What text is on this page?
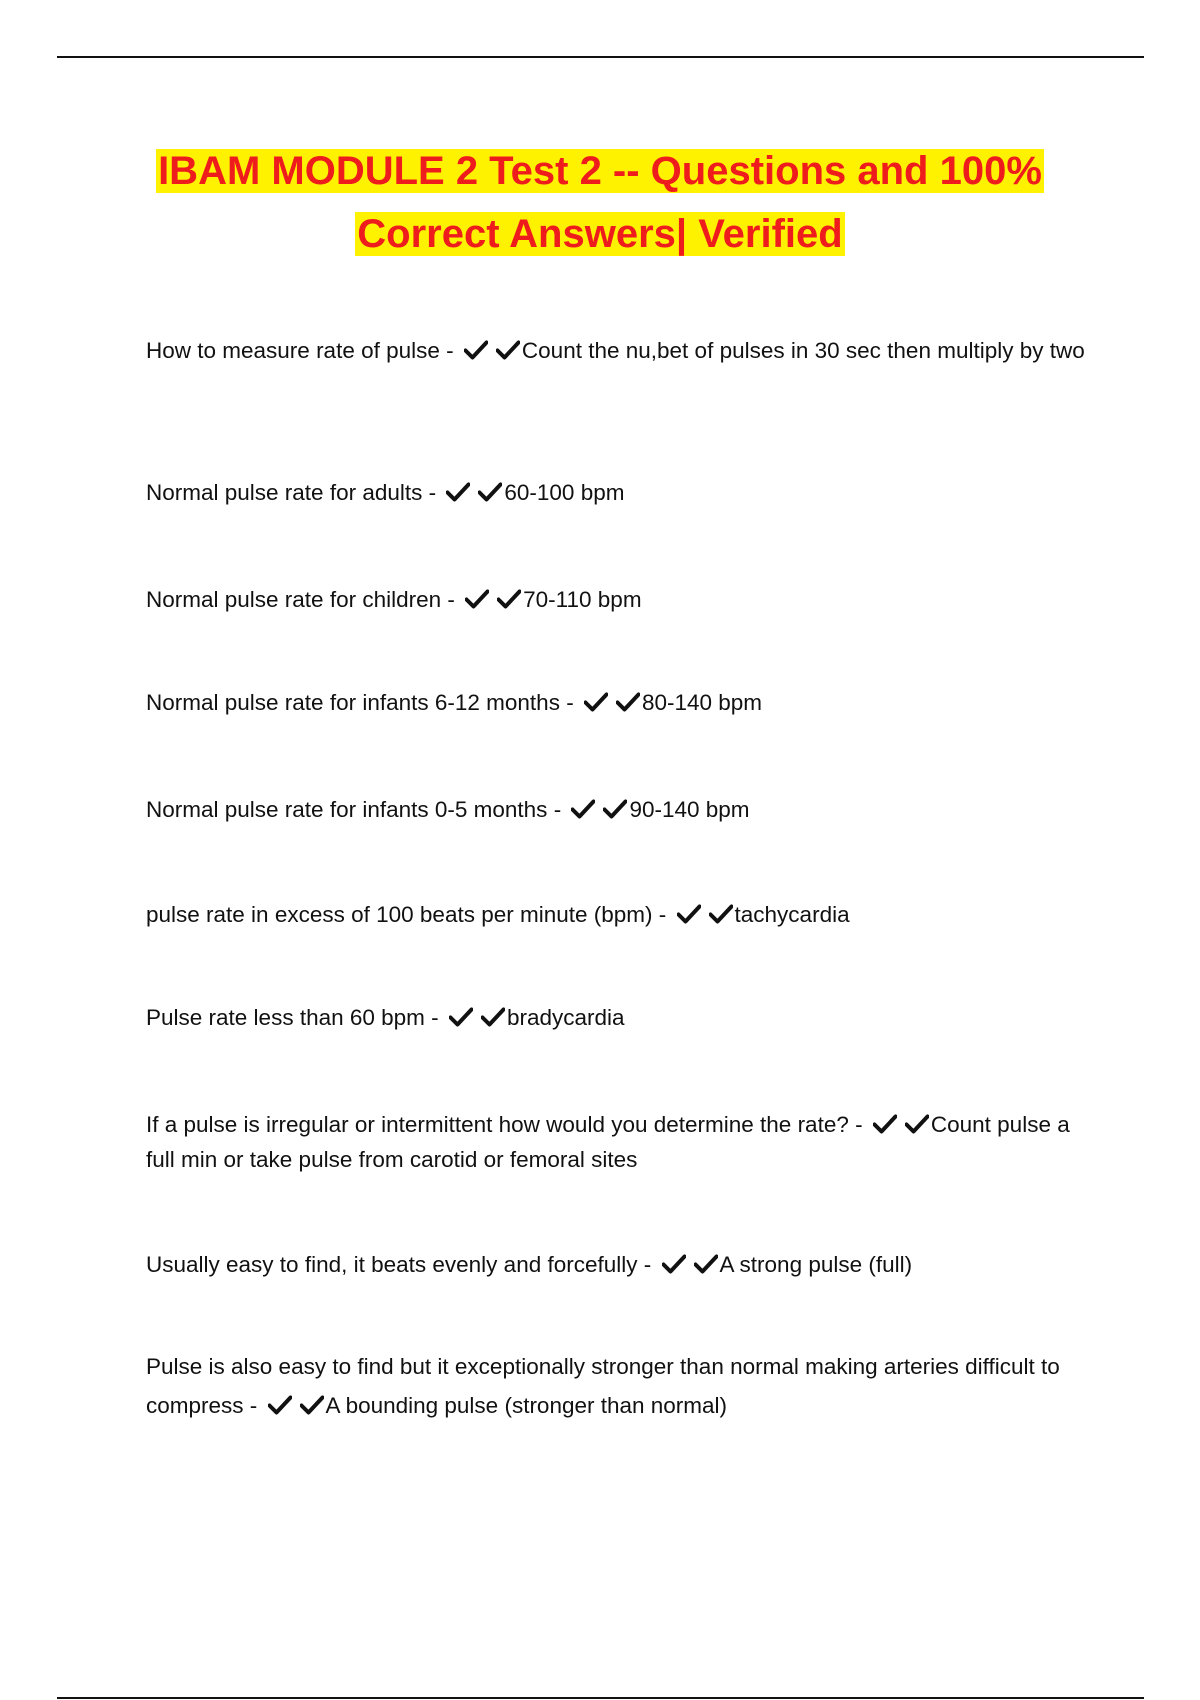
IBAM MODULE 2 Test 2 -- Questions and 100%
Correct Answers| Verified
How to measure rate of pulse -	Count the nu,bet of pulses in 30 sec then multiply by two
Normal pulse rate for adults -	60-100 bpm
Normal pulse rate for children -	70-110 bpm
Normal pulse rate for infants 6-12 months -	80-140 bpm
Normal pulse rate for infants 0-5 months -	90-140 bpm
pulse rate in excess of 100 beats per minute (bpm) -	tachycardia
Pulse rate less than 60 bpm -	bradycardia
If a pulse is irregular or intermittent how would you determine the rate? -	Count pulse a full min or take pulse from carotid or femoral sites
Usually easy to find, it beats evenly and forcefully -	A strong pulse (full)
Pulse is also easy to find but it exceptionally stronger than normal making arteries difficult to compress -	A bounding pulse (stronger than normal)
